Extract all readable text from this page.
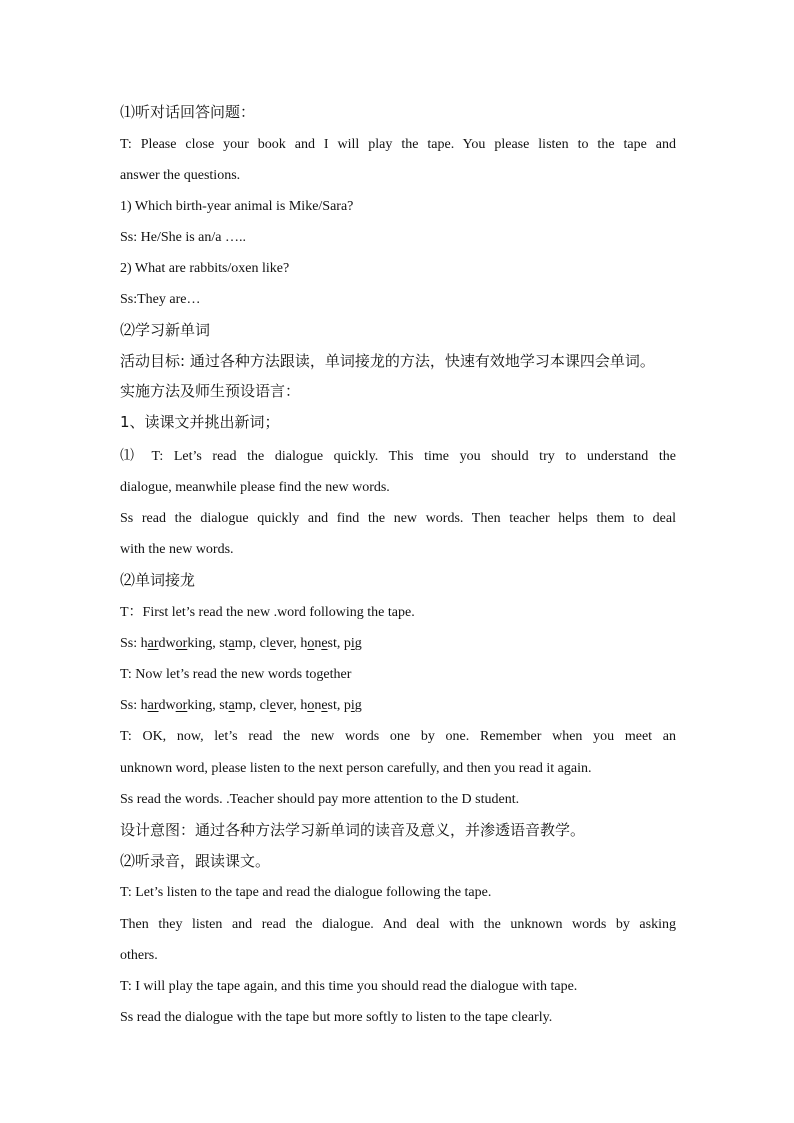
⑴听对话回答问题：
T: Please close your book and I will play the tape. You please listen to the tape and
answer the questions.
1) Which birth-year animal is Mike/Sara?
Ss: He/She is an/a …..
2) What are rabbits/oxen like?
Ss:They are…
⑵学习新单词
活动目标: 通过各种方法跟读，单词接龙的方法，快速有效地学习本课四会单词。
实施方法及师生预设语言：
1、读课文并挑出新词；
⑴ T: Let’s read the dialogue quickly. This time you should try to understand the
dialogue, meanwhile please find the new words.
Ss read the dialogue quickly and find the new words. Then teacher helps them to deal
with the new words.
⑵单词接龙
T：First let’s read the new .word following the tape.
Ss: hardworking, stamp, clever, honest, pig
T: Now let’s read the new words together
Ss: hardworking, stamp, clever, honest, pig
T: OK, now, let’s read the new words one by one. Remember when you meet an
unknown word, please listen to the next person carefully, and then you read it again.
Ss read the words. .Teacher should pay more attention to the D student.
设计意图：通过各种方法学习新单词的读音及意义，并渗透语音教学。
⑵听录音，跟读课文。
T: Let’s listen to the tape and read the dialogue following the tape.
Then they listen and read the dialogue. And deal with the unknown words by asking
others.
T: I will play the tape again, and this time you should read the dialogue with tape.
Ss read the dialogue with the tape but more softly to listen to the tape clearly.
